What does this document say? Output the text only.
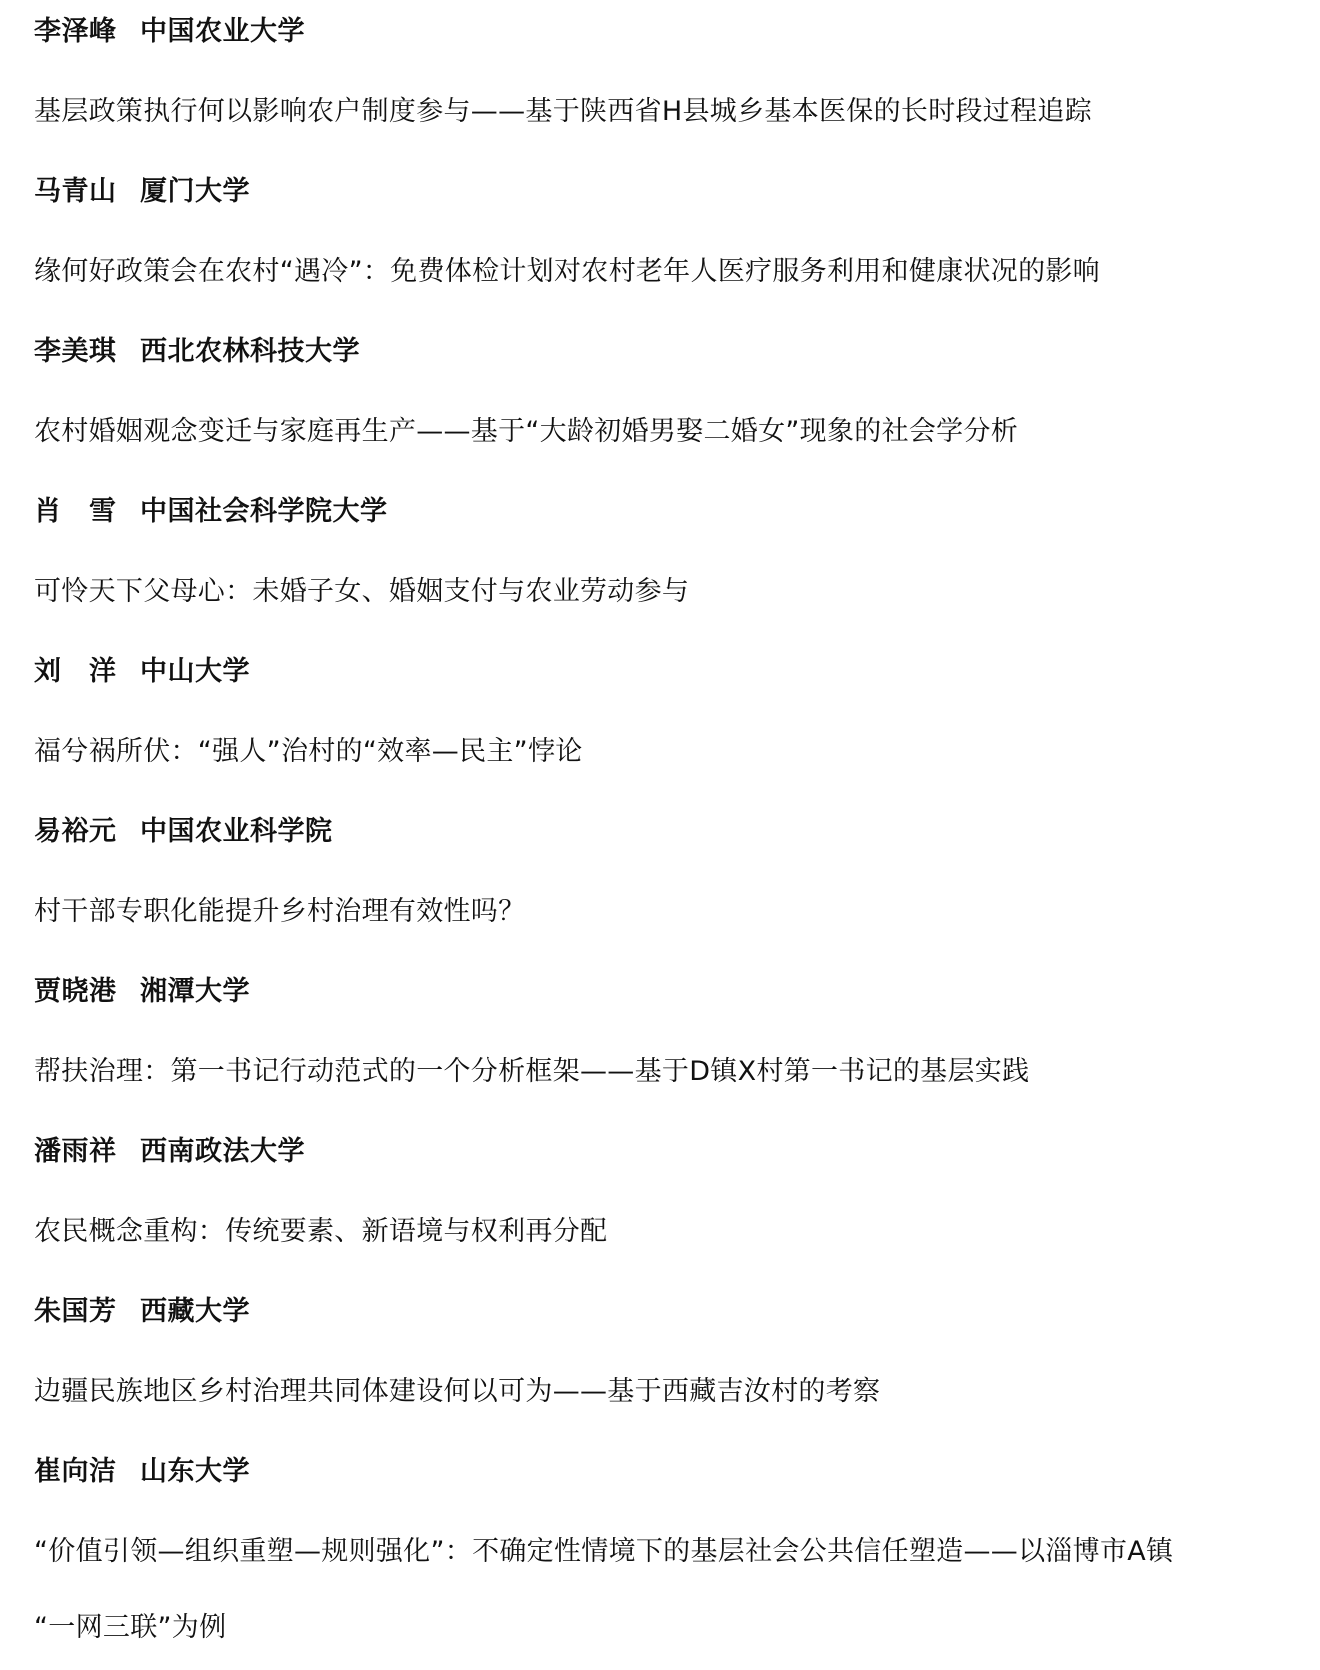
李泽峰 中国农业大学
基层政策执行何以影响农户制度参与——基于陕西省H县城乡基本医保的长时段过程追踪
马青山 厦门大学
缘何好政策会在农村“遇冷”：免费体检计划对农村老年人医疗服务利用和健康状况的影响
李美琪 西北农林科技大学
农村婚姻观念变迁与家庭再生产——基于“大龄初婚男娶二婚女”现象的社会学分析
肖　雪 中国社会科学院大学
可怜天下父母心：未婚子女、婚姻支付与农业劳动参与
刘　洋 中山大学
福兮祸所伏：“强人”治村的“效率—民主”悖论
易裕元 中国农业科学院
村干部专职化能提升乡村治理有效性吗？
贾晓港 湘潭大学
帮扶治理：第一书记行动范式的一个分析框架——基于D镇X村第一书记的基层实践
潘雨祥 西南政法大学
农民概念重构：传统要素、新语境与权利再分配
朱国芳 西藏大学
边疆民族地区乡村治理共同体建设何以可为——基于西藏吉汝村的考察
崔向洁 山东大学
“价值引领—组织重塑—规则强化”：不确定性情境下的基层社会公共信任塑造——以淄博市A镇
“一网三联”为例
